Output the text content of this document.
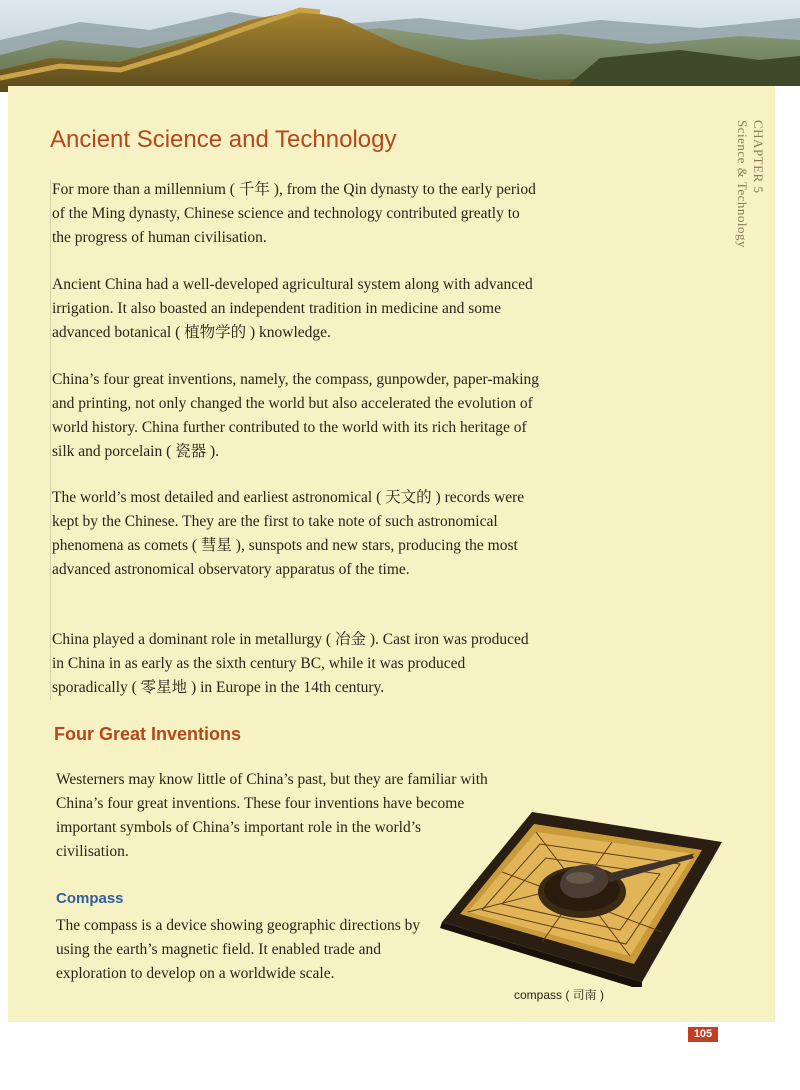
CHAPTER 5
Science & Technology
Ancient Science and Technology

For more than a millennium ( 千年 ), from the Qin dynasty to the early period of the Ming dynasty, Chinese science and technology contributed greatly to the progress of human civilisation.

Ancient China had a well-developed agricultural system along with advanced irrigation. It also boasted an independent tradition in medicine and some advanced botanical ( 植物学的 ) knowledge.

China’s four great inventions, namely, the compass, gunpowder, paper-making and printing, not only changed the world but also accelerated the evolution of world history. China further contributed to the world with its rich heritage of silk and porcelain ( 瓷器 ).

The world’s most detailed and earliest astronomical ( 天文的 ) records were kept by the Chinese. They are the first to take note of such astronomical phenomena as comets ( 彗星 ), sunspots and new stars, producing the most advanced astronomical observatory apparatus of the time.

China played a dominant role in metallurgy ( 冶金 ). Cast iron was produced in China in as early as the sixth century BC, while it was produced sporadically ( 零星地 ) in Europe in the 14th century.

Four Great Inventions

Westerners may know little of China’s past, but they are familiar with China’s four great inventions. These four inventions have become important symbols of China’s important role in the world’s civilisation.

Compass

The compass is a device showing geographic directions by using the earth’s magnetic field. It enabled trade and exploration to develop on a worldwide scale.

compass ( 司南 )
105
